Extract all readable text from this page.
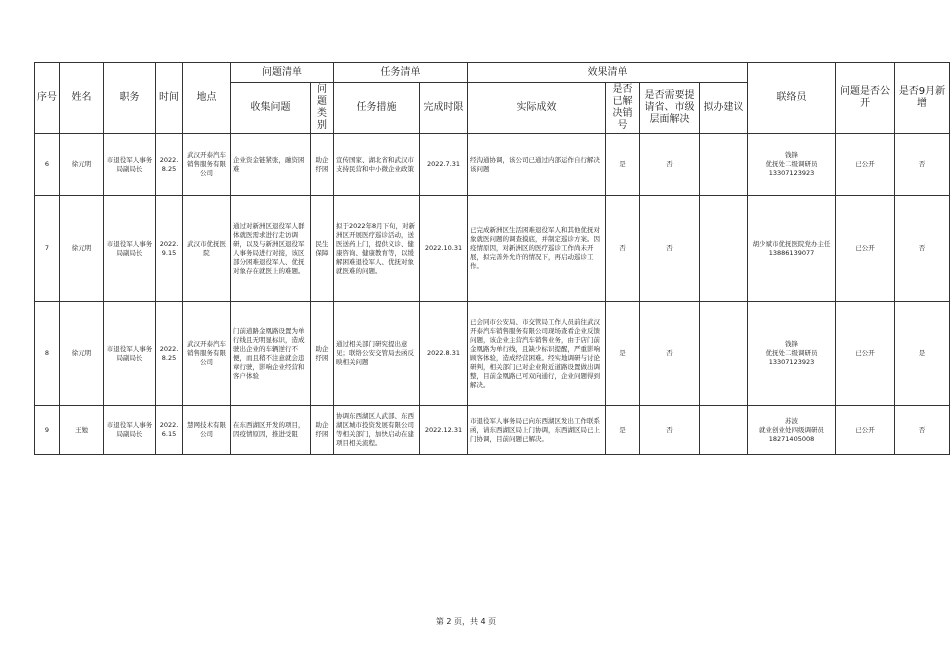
序号	姓名	职务	时间	地点	问题清单		任务清单		效果清单				联络员	问题是否公开	是否9月新增
					收集问题	问题类别	任务措施	完成时限	实际成效	是否已解决销号	是否需要提请省、市级层面解决	拟办建议			
6	徐元明	市退役军人事务局副局长	2022.8.25	武汉开泰汽车销售服务有限公司	企业资金链紧张，融资困难	助企纾困	宣传国家、湖北省和武汉市支持民营和中小微企业政策	2022.7.31	经沟通协调，该公司已通过内部运作自行解决该问题	是	否		钱锋
优抚处二级调研员
13307123923	已公开	否
7	徐元明	市退役军人事务局副局长	2022.9.15	武汉市优抚医院	通过对新洲区退役军人群体就医需求进行走访调研，以及与新洲区退役军人事务局进行对接，该区部分困难退役军人、优抚对象存在就医上的难题。	民生保障	拟于2022年8月下旬，对新洲区开展医疗巡诊活动，送医送药上门，提供义诊、健康咨询、健康教育等，以缓解困难退役军人、优抚对象就医难的问题。	2022.10.31	已完成新洲区生活困难退役军人和其他优抚对象就医问题的调查摸底，并制定巡诊方案。因疫情原因，对新洲区的医疗巡诊工作尚未开展，拟完善外允许的情况下，再启动巡诊工作。	否	否		胡少斌市优抚医院党办主任
13886139077	已公开	否
8	徐元明	市退役军人事务局副局长	2022.8.25	武汉开泰汽车销售服务有限公司	门前道路金凰路设置为单行线且无明显标识，造成驶出企业的车辆逆行不便，而且稍不注意就会违章行驶，影响企业经营和客户体验	助企纾困	通过相关部门研究提出意见；联络公安交管局去函反映相关问题	2022.8.31	已会同市公安局、市交管局工作人员前往武汉开泰汽车销售服务有限公司现场查看企业反馈问题，该企业主营汽车销售业务，由于店门前金凰路为单行线，且缺少标识提醒，严重影响顾客体验，造成经营困难。经实地调研与讨论研判，相关部门已对企业附近道路设置做出调整，目前金凰路已可双向通行，企业问题得到解决。	是	否		钱锋
优抚处二级调研员
13307123923	已公开	是
9	王勉	市退役军人事务局副局长	2022.6.15	慧网技术有限公司	在东西湖区开发的项目，因疫情原因，推进受阻	助企纾困	协调东西湖区人武部、东西湖区城市投资发展有限公司等相关部门，加快启动在建项目相关流程。	2022.12.31	市退役军人事务局已向东西湖区发出工作联系函，请东西湖区局上门协调，东西湖区局已上门协调，目前问题已解决。	是	否		苏波
就业创业处四级调研员
18271405008	已公开	否
第 2 页，共 4 页
